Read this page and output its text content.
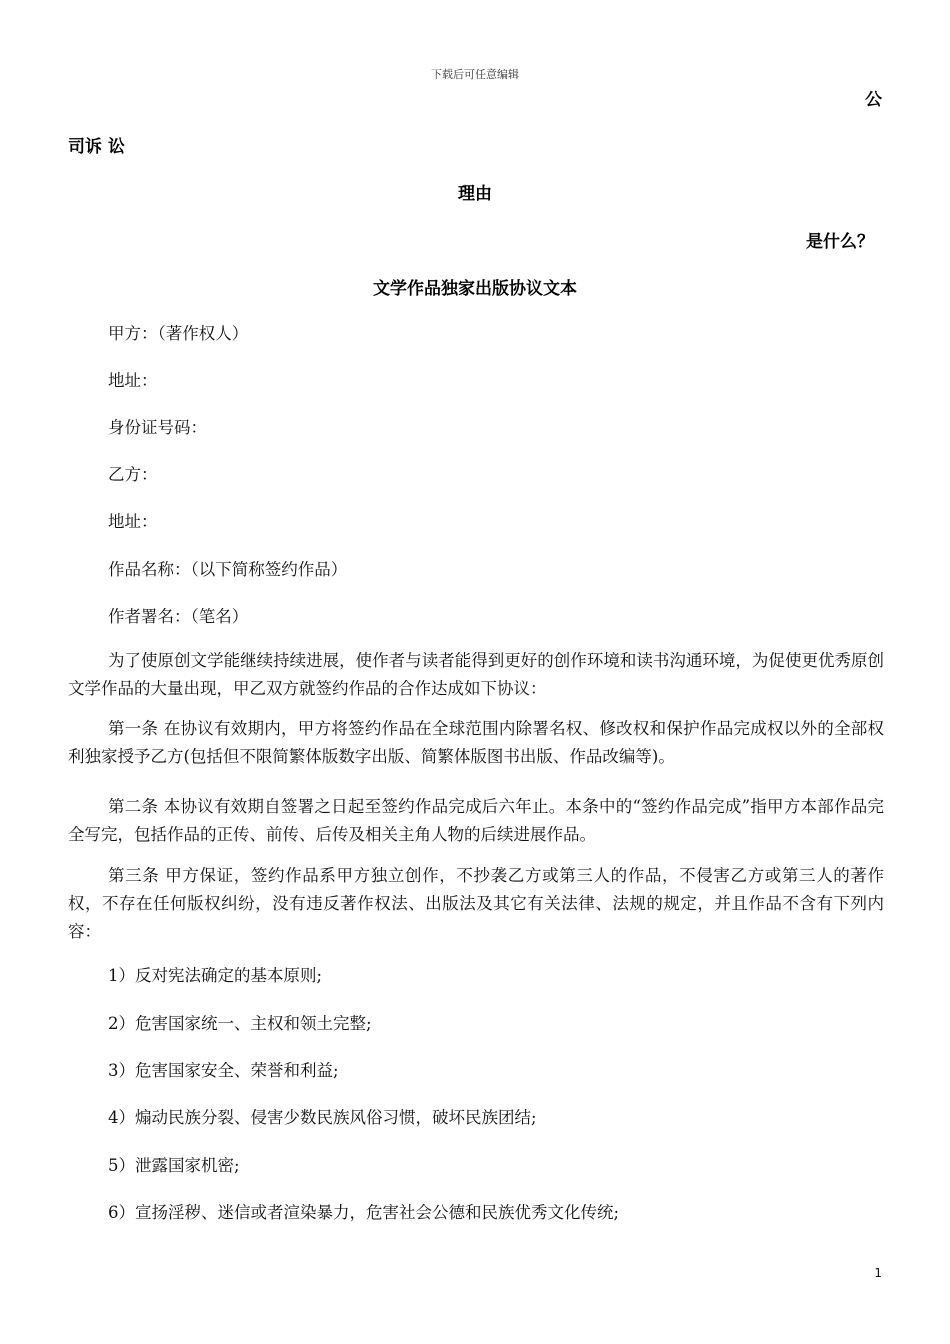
下载后可任意编辑
公
司诉 讼
理由
是什么？
文学作品独家出版协议文本
甲方：（著作权人）
地址：
身份证号码：
乙方：
地址：
作品名称：（以下简称签约作品）
作者署名：（笔名）
为了使原创文学能继续持续进展，使作者与读者能得到更好的创作环境和读书沟通环境，为促使更优秀原创文学作品的大量出现，甲乙双方就签约作品的合作达成如下协议：
第一条 在协议有效期内，甲方将签约作品在全球范围内除署名权、修改权和保护作品完成权以外的全部权利独家授予乙方(包括但不限简繁体版数字出版、简繁体版图书出版、作品改编等)。
第二条 本协议有效期自签署之日起至签约作品完成后六年止。本条中的“签约作品完成”指甲方本部作品完全写完，包括作品的正传、前传、后传及相关主角人物的后续进展作品。
第三条 甲方保证，签约作品系甲方独立创作，不抄袭乙方或第三人的作品，不侵害乙方或第三人的著作权，不存在任何版权纠纷，没有违反著作权法、出版法及其它有关法律、法规的规定，并且作品不含有下列内容：
1）反对宪法确定的基本原则;
2）危害国家统一、主权和领土完整;
3）危害国家安全、荣誉和利益;
4）煽动民族分裂、侵害少数民族风俗习惯，破坏民族团结;
5）泄露国家机密;
6）宣扬淫秽、迷信或者渲染暴力，危害社会公德和民族优秀文化传统;
1
